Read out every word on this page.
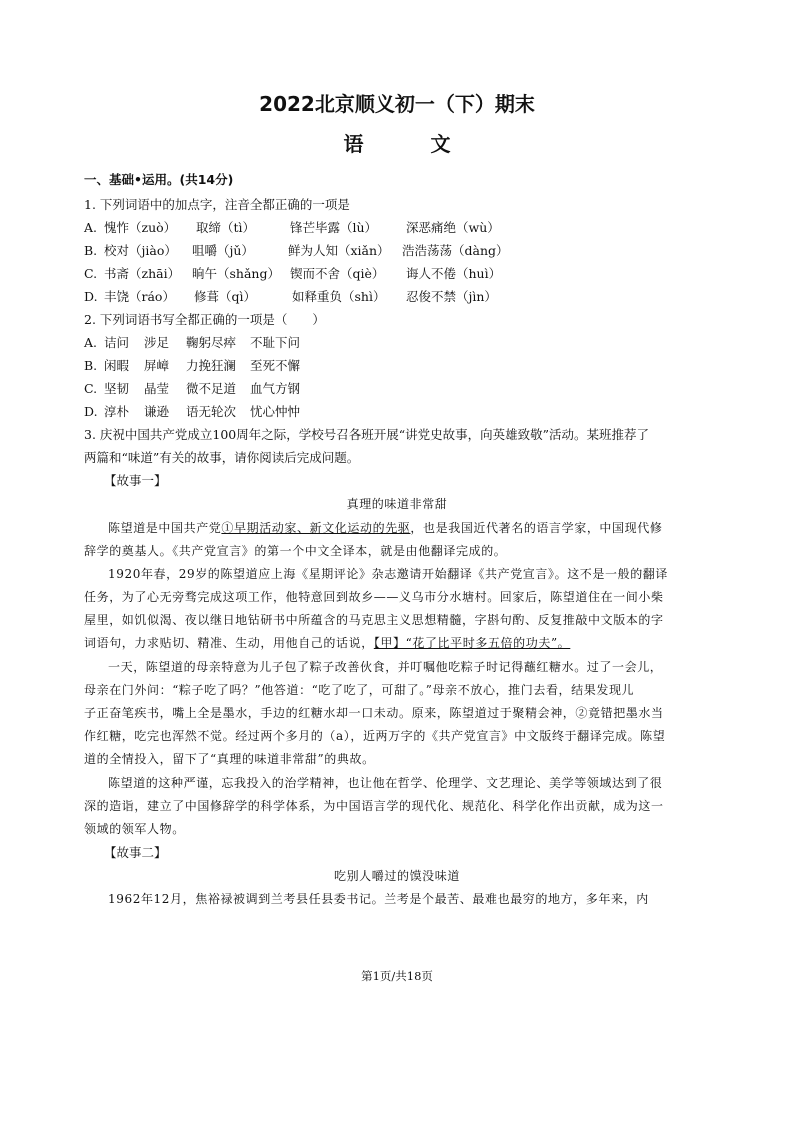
2022北京顺义初一（下）期末
语 文
一、基础•运用。(共14分)
1. 下列词语中的加点字，注音全都正确的一项是
A. 愧怍（zuò） 取缔（tì）	锋芒毕露（lù） 深恶痛绝（wù）
B. 校对（jiào） 咀嚼（jǔ）	鲜为人知（xiǎn） 浩浩荡荡（dàng）
C. 书斋（zhāi） 晌午（shǎng） 锲而不舍（qiè） 诲人不倦（huì）
D. 丰饶（ráo） 修葺（qì）	如释重负（shì） 忍俊不禁（jìn）
2. 下列词语书写全都正确的一项是（　　）
A. 诘问 涉足 鞠躬尽瘁 不耻下问
B. 闲暇 屏嶂 力挽狂澜 至死不懈
C. 坚韧 晶莹 微不足道 血气方钢
D. 淳朴 谦逊 语无轮次 忧心忡忡
3. 庆祝中国共产党成立100周年之际，学校号召各班开展“讲党史故事，向英雄致敬”活动。某班推荐了
两篇和“味道”有关的故事，请你阅读后完成问题。
【故事一】
真理的味道非常甜
陈望道是中国共产党①早期活动家、新文化运动的先驱，也是我国近代著名的语言学家，中国现代修
辞学的奠基人。《共产党宣言》的第一个中文全译本，就是由他翻译完成的。
1920年春，29岁的陈望道应上海《星期评论》杂志邀请开始翻译《共产党宣言》。这不是一般的翻译
任务，为了心无旁骛完成这项工作，他特意回到故乡——义乌市分水塘村。回家后，陈望道住在一间小柴
屋里，如饥似渴、夜以继日地钻研书中所蕴含的马克思主义思想精髓，字斟句酌、反复推敲中文版本的字
词语句，力求贴切、精准、生动，用他自己的话说，【甲】“花了比平时多五倍的功夫”。
一天，陈望道的母亲特意为儿子包了粽子改善伙食，并叮嘱他吃粽子时记得蘸红糖水。过了一会儿，
母亲在门外问：“粽子吃了吗？”他答道：“吃了吃了，可甜了。”母亲不放心，推门去看，结果发现儿
子正奋笔疾书，嘴上全是墨水，手边的红糖水却一口未动。原来，陈望道过于聚精会神，②竟错把墨水当
作红糖，吃完也浑然不觉。经过两个多月的（a），近两万字的《共产党宣言》中文版终于翻译完成。陈望
道的全情投入，留下了“真理的味道非常甜”的典故。
陈望道的这种严谨，忘我投入的治学精神，也让他在哲学、伦理学、文艺理论、美学等领域达到了很
深的造诣，建立了中国修辞学的科学体系，为中国语言学的现代化、规范化、科学化作出贡献，成为这一
领域的领军人物。
【故事二】
吃别人嚼过的馍没味道
1962年12月，焦裕禄被调到兰考县任县委书记。兰考是个最苦、最难也最穷的地方，多年来，内
第1页/共18页
